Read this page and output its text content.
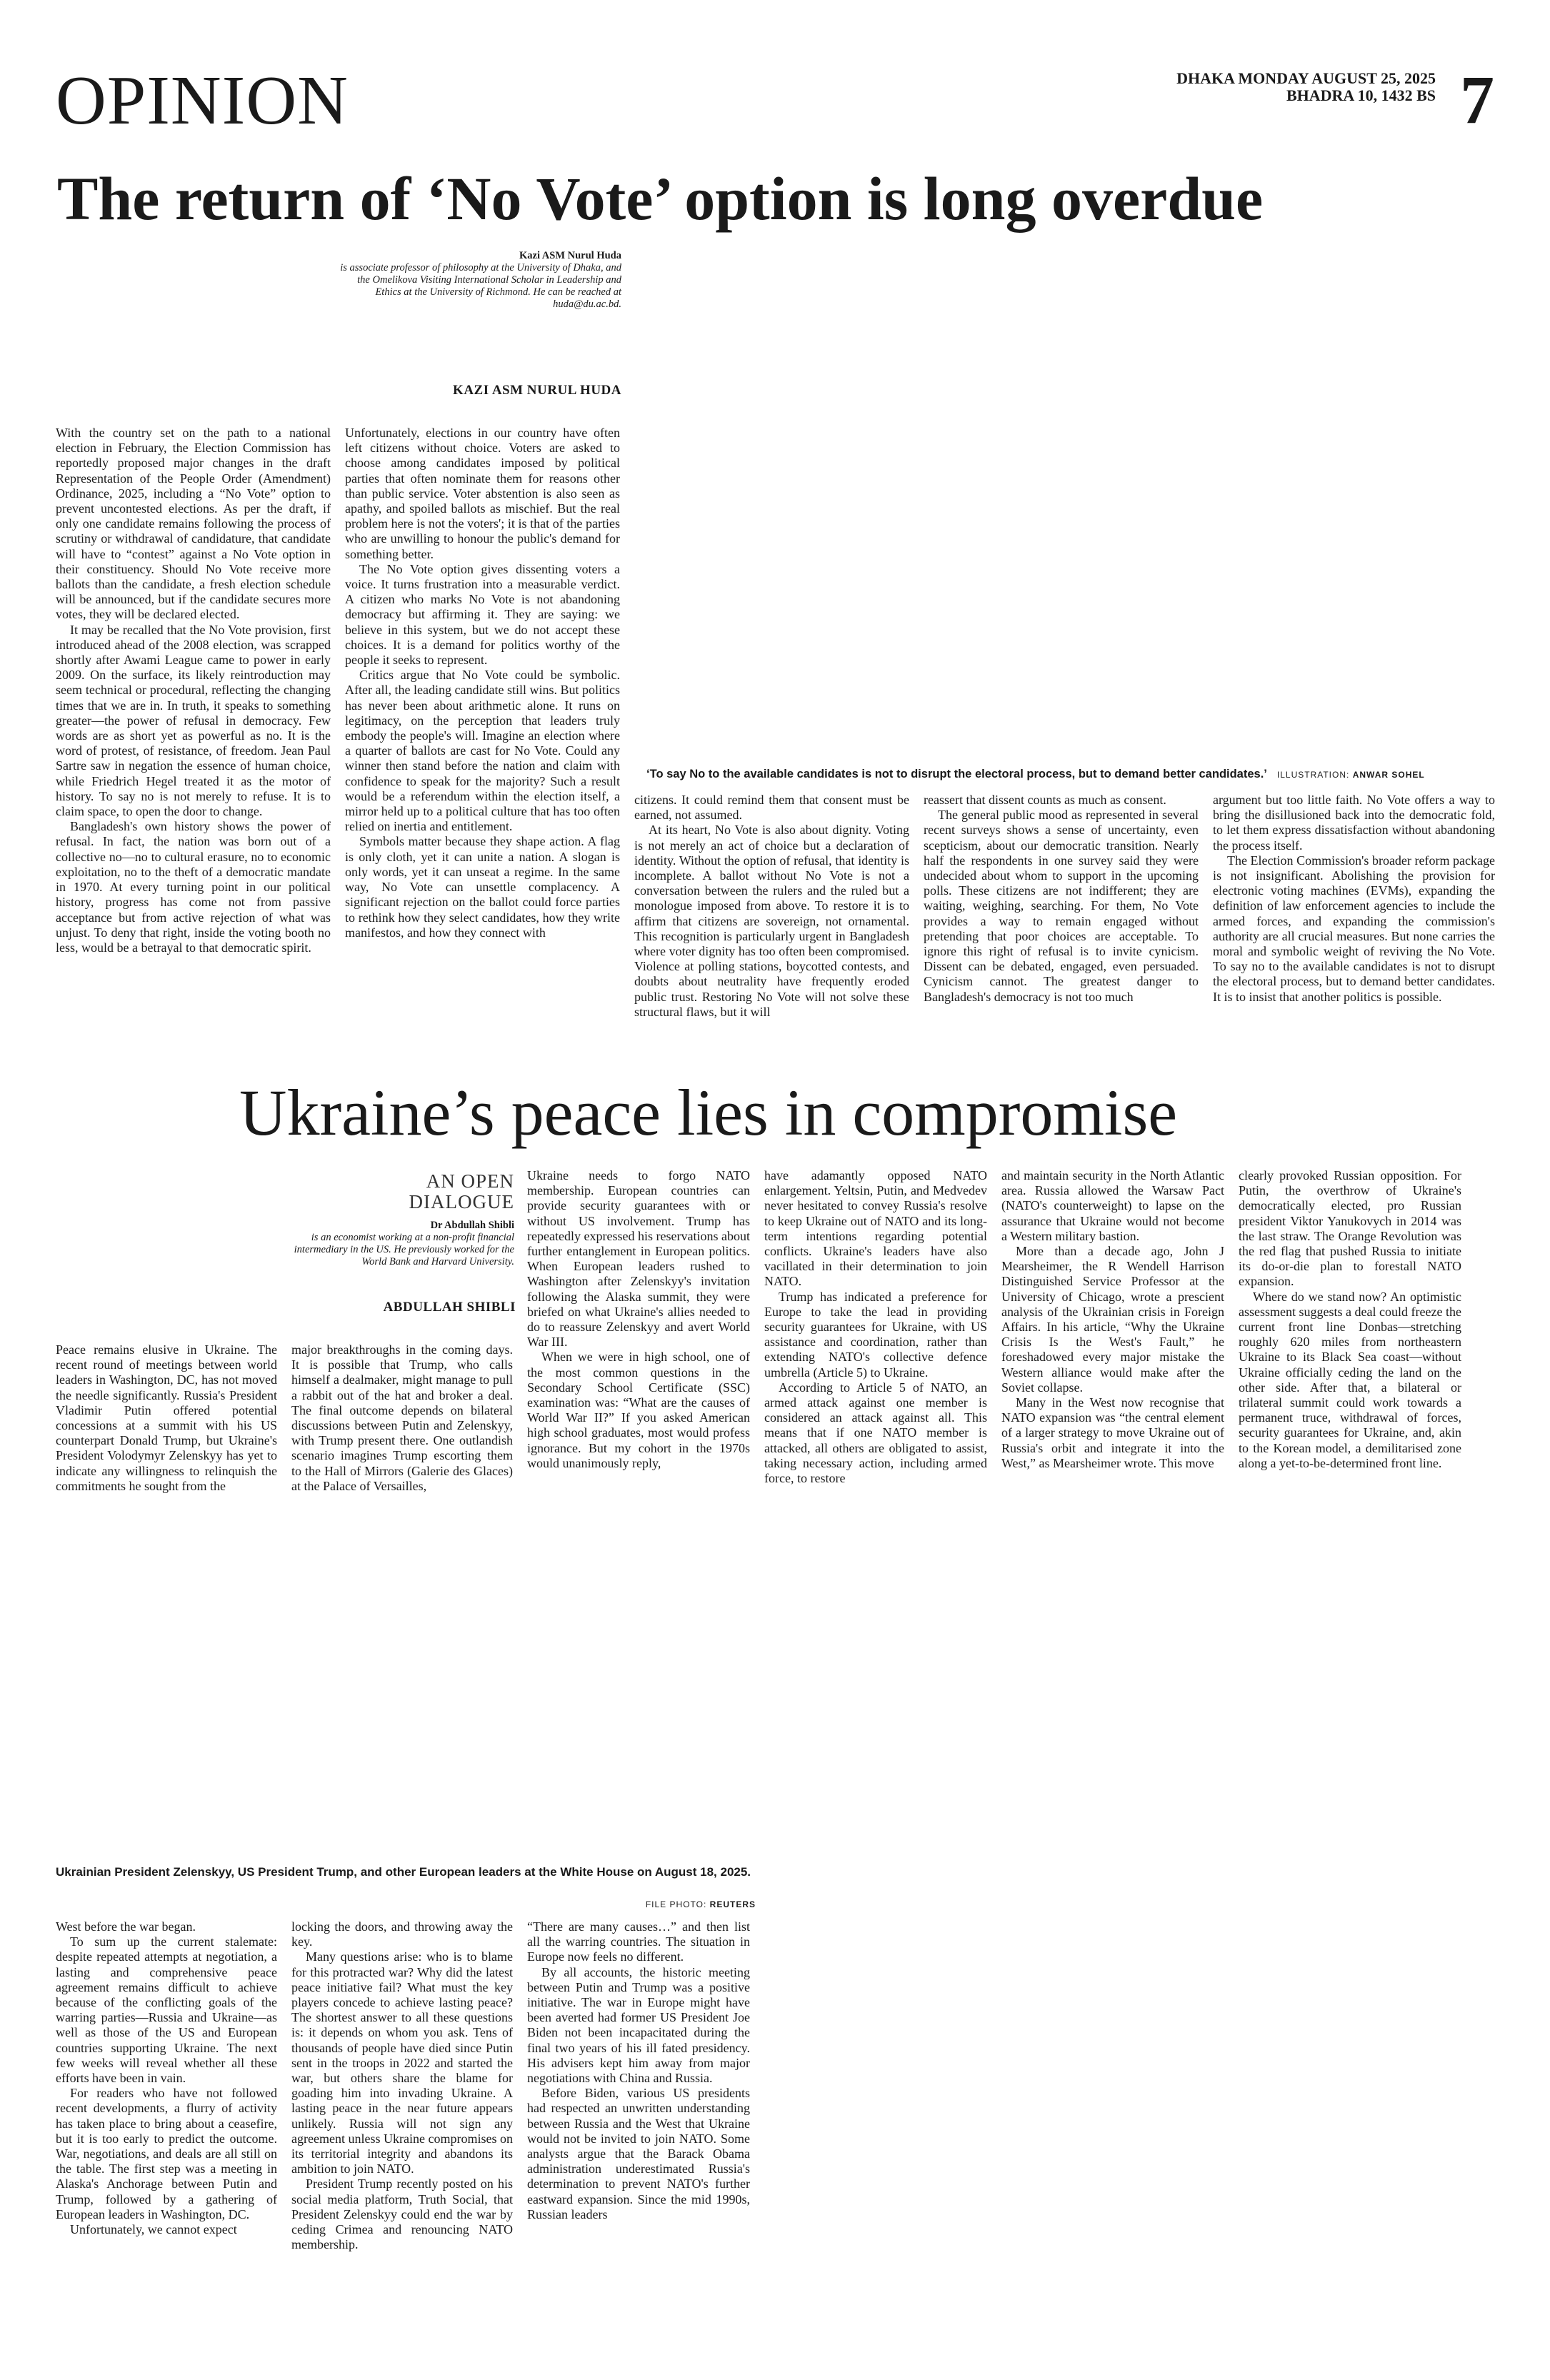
OPINION	DHAKA MONDAY AUGUST 25, 2025
BHADRA 10, 1432 BS 7
The return of ‘No Vote’ option is long overdue
Kazi ASM Nurul Huda
is associate professor of philosophy at the University of Dhaka, and the Omelikova Visiting International Scholar in Leadership and Ethics at the University of Richmond. He can be reached at huda@du.ac.bd.
KAZI ASM NURUL HUDA

With the country set on the path to a national election in February, the Election Commission has reportedly proposed major changes in the draft Representation of the People Order (Amendment) Ordinance, 2025, including a “No Vote” option to prevent uncontested elections. As per the draft, if only one candidate remains following the process of scrutiny or withdrawal of candidature, that candidate will have to “contest” against a No Vote option in their constituency. Should No Vote receive more ballots than the candidate, a fresh election schedule will be announced, but if the candidate secures more votes, they will be declared elected.

It may be recalled that the No Vote provision, first introduced ahead of the 2008 election, was scrapped shortly after Awami League came to power in early 2009. On the surface, its likely reintroduction may seem technical or procedural, reflecting the changing times that we are in. In truth, it speaks to something greater—the power of refusal in democracy. Few words are as short yet as powerful as no. It is the word of protest, of resistance, of freedom. Jean Paul Sartre saw in negation the essence of human choice, while Friedrich Hegel treated it as the motor of history. To say no is not merely to refuse. It is to claim space, to open the door to change.

Bangladesh's own history shows the power of refusal. In fact, the nation was born out of a collective no—no to cultural erasure, no to economic exploitation, no to the theft of a democratic mandate in 1970. At every turning point in our political history, progress has come not from passive acceptance but from active rejection of what was unjust. To deny that right, inside the voting booth no less, would be a betrayal to that democratic spirit.

Unfortunately, elections in our country have often left citizens without choice. Voters are asked to choose among candidates imposed by political parties that often nominate them for reasons other than public service. Voter abstention is also seen as apathy, and spoiled ballots as mischief. But the real problem here is not the voters'; it is that of the parties who are unwilling to honour the public's demand for something better.

The No Vote option gives dissenting voters a voice. It turns frustration into a measurable verdict. A citizen who marks No Vote is not abandoning democracy but affirming it. They are saying: we believe in this system, but we do not accept these choices. It is a demand for politics worthy of the people it seeks to represent.

Critics argue that No Vote could be symbolic. After all, the leading candidate still wins. But politics has never been about arithmetic alone. It runs on legitimacy, on the perception that leaders truly embody the people's will. Imagine an election where a quarter of ballots are cast for No Vote. Could any winner then stand before the nation and claim with confidence to speak for the majority? Such a result would be a referendum within the election itself, a mirror held up to a political culture that has too often relied on inertia and entitlement.

Symbols matter because they shape action. A flag is only cloth, yet it can unite a nation. A slogan is only words, yet it can unseat a regime. In the same way, No Vote can unsettle complacency. A significant rejection on the ballot could force parties to rethink how they select candidates, how they write manifestos, and how they connect with

‘To say No to the available candidates is not to disrupt the electoral process, but to demand better candidates.’ ILLUSTRATION: ANWAR SOHEL

citizens. It could remind them that consent must be earned, not assumed.

At its heart, No Vote is also about dignity. Voting is not merely an act of choice but a declaration of identity. Without the option of refusal, that identity is incomplete. A ballot without No Vote is not a conversation between the rulers and the ruled but a monologue imposed from above. To restore it is to affirm that citizens are sovereign, not ornamental. This recognition is particularly urgent in Bangladesh where voter dignity has too often been compromised. Violence at polling stations, boycotted contests, and doubts about neutrality have frequently eroded public trust. Restoring No Vote will not solve these structural flaws, but it will

reassert that dissent counts as much as consent.

The general public mood as represented in several recent surveys shows a sense of uncertainty, even scepticism, about our democratic transition. Nearly half the respondents in one survey said they were undecided about whom to support in the upcoming polls. These citizens are not indifferent; they are waiting, weighing, searching. For them, No Vote provides a way to remain engaged without pretending that poor choices are acceptable. To ignore this right of refusal is to invite cynicism. Dissent can be debated, engaged, even persuaded. Cynicism cannot. The greatest danger to Bangladesh's democracy is not too much

argument but too little faith. No Vote offers a way to bring the disillusioned back into the democratic fold, to let them express dissatisfaction without abandoning the process itself.

The Election Commission's broader reform package is not insignificant. Abolishing the provision for electronic voting machines (EVMs), expanding the definition of law enforcement agencies to include the armed forces, and expanding the commission's authority are all crucial measures. But none carries the moral and symbolic weight of reviving the No Vote. To say no to the available candidates is not to disrupt the electoral process, but to demand better candidates. It is to insist that another politics is possible.

Ukraine’s peace lies in compromise
AN OPEN
DIALOGUE
Dr Abdullah Shibli
is an economist working at a non-profit financial intermediary in the US. He previously worked for the World Bank and Harvard University.
ABDULLAH SHIBLI

Peace remains elusive in Ukraine. The recent round of meetings between world leaders in Washington, DC, has not moved the needle significantly. Russia's President Vladimir Putin offered potential concessions at a summit with his US counterpart Donald Trump, but Ukraine's President Volodymyr Zelenskyy has yet to indicate any willingness to relinquish the commitments he sought from the

major breakthroughs in the coming days. It is possible that Trump, who calls himself a dealmaker, might manage to pull a rabbit out of the hat and broker a deal. The final outcome depends on bilateral discussions between Putin and Zelenskyy, with Trump present there. One outlandish scenario imagines Trump escorting them to the Hall of Mirrors (Galerie des Glaces) at the Palace of Versailles,

Ukraine needs to forgo NATO membership. European countries can provide security guarantees with or without US involvement. Trump has repeatedly expressed his reservations about further entanglement in European politics. When European leaders rushed to Washington after Zelenskyy's invitation following the Alaska summit, they were briefed on what Ukraine's allies needed to do to reassure Zelenskyy and avert World War III.

When we were in high school, one of the most common questions in the Secondary School Certificate (SSC) examination was: “What are the causes of World War II?” If you asked American high school graduates, most would profess ignorance. But my cohort in the 1970s would unanimously reply,

have adamantly opposed NATO enlargement. Yeltsin, Putin, and Medvedev never hesitated to convey Russia's resolve to keep Ukraine out of NATO and its long-term intentions regarding potential conflicts. Ukraine's leaders have also vacillated in their determination to join NATO.

Trump has indicated a preference for Europe to take the lead in providing security guarantees for Ukraine, with US assistance and coordination, rather than extending NATO's collective defence umbrella (Article 5) to Ukraine.

According to Article 5 of NATO, an armed attack against one member is considered an attack against all. This means that if one NATO member is attacked, all others are obligated to assist, taking necessary action, including armed force, to restore

and maintain security in the North Atlantic area. Russia allowed the Warsaw Pact (NATO's counterweight) to lapse on the assurance that Ukraine would not become a Western military bastion.

More than a decade ago, John J Mearsheimer, the R Wendell Harrison Distinguished Service Professor at the University of Chicago, wrote a prescient analysis of the Ukrainian crisis in Foreign Affairs. In his article, “Why the Ukraine Crisis Is the West's Fault,” he foreshadowed every major mistake the Western alliance would make after the Soviet collapse.

Many in the West now recognise that NATO expansion was “the central element of a larger strategy to move Ukraine out of Russia's orbit and integrate it into the West,” as Mearsheimer wrote. This move

clearly provoked Russian opposition. For Putin, the overthrow of Ukraine's democratically elected, pro Russian president Viktor Yanukovych in 2014 was the last straw. The Orange Revolution was the red flag that pushed Russia to initiate its do-or-die plan to forestall NATO expansion.

Where do we stand now? An optimistic assessment suggests a deal could freeze the current front line Donbas—stretching roughly 620 miles from northeastern Ukraine to its Black Sea coast—without Ukraine officially ceding the land on the other side. After that, a bilateral or trilateral summit could work towards a permanent truce, withdrawal of forces, security guarantees for Ukraine, and, akin to the Korean model, a demilitarised zone along a yet-to-be-determined front line.

Ukrainian President Zelenskyy, US President Trump, and other European leaders at the White House on August 18, 2025.
FILE PHOTO: REUTERS

West before the war began.

To sum up the current stalemate: despite repeated attempts at negotiation, a lasting and comprehensive peace agreement remains difficult to achieve because of the conflicting goals of the warring parties—Russia and Ukraine—as well as those of the US and European countries supporting Ukraine. The next few weeks will reveal whether all these efforts have been in vain.

For readers who have not followed recent developments, a flurry of activity has taken place to bring about a ceasefire, but it is too early to predict the outcome. War, negotiations, and deals are all still on the table. The first step was a meeting in Alaska's Anchorage between Putin and Trump, followed by a gathering of European leaders in Washington, DC.

Unfortunately, we cannot expect

locking the doors, and throwing away the key.

Many questions arise: who is to blame for this protracted war? Why did the latest peace initiative fail? What must the key players concede to achieve lasting peace? The shortest answer to all these questions is: it depends on whom you ask. Tens of thousands of people have died since Putin sent in the troops in 2022 and started the war, but others share the blame for goading him into invading Ukraine. A lasting peace in the near future appears unlikely. Russia will not sign any agreement unless Ukraine compromises on its territorial integrity and abandons its ambition to join NATO.

President Trump recently posted on his social media platform, Truth Social, that President Zelenskyy could end the war by ceding Crimea and renouncing NATO membership.

“There are many causes…” and then list all the warring countries. The situation in Europe now feels no different.

By all accounts, the historic meeting between Putin and Trump was a positive initiative. The war in Europe might have been averted had former US President Joe Biden not been incapacitated during the final two years of his ill fated presidency. His advisers kept him away from major negotiations with China and Russia.

Before Biden, various US presidents had respected an unwritten understanding between Russia and the West that Ukraine would not be invited to join NATO. Some analysts argue that the Barack Obama administration underestimated Russia's determination to prevent NATO's further eastward expansion. Since the mid 1990s, Russian leaders
